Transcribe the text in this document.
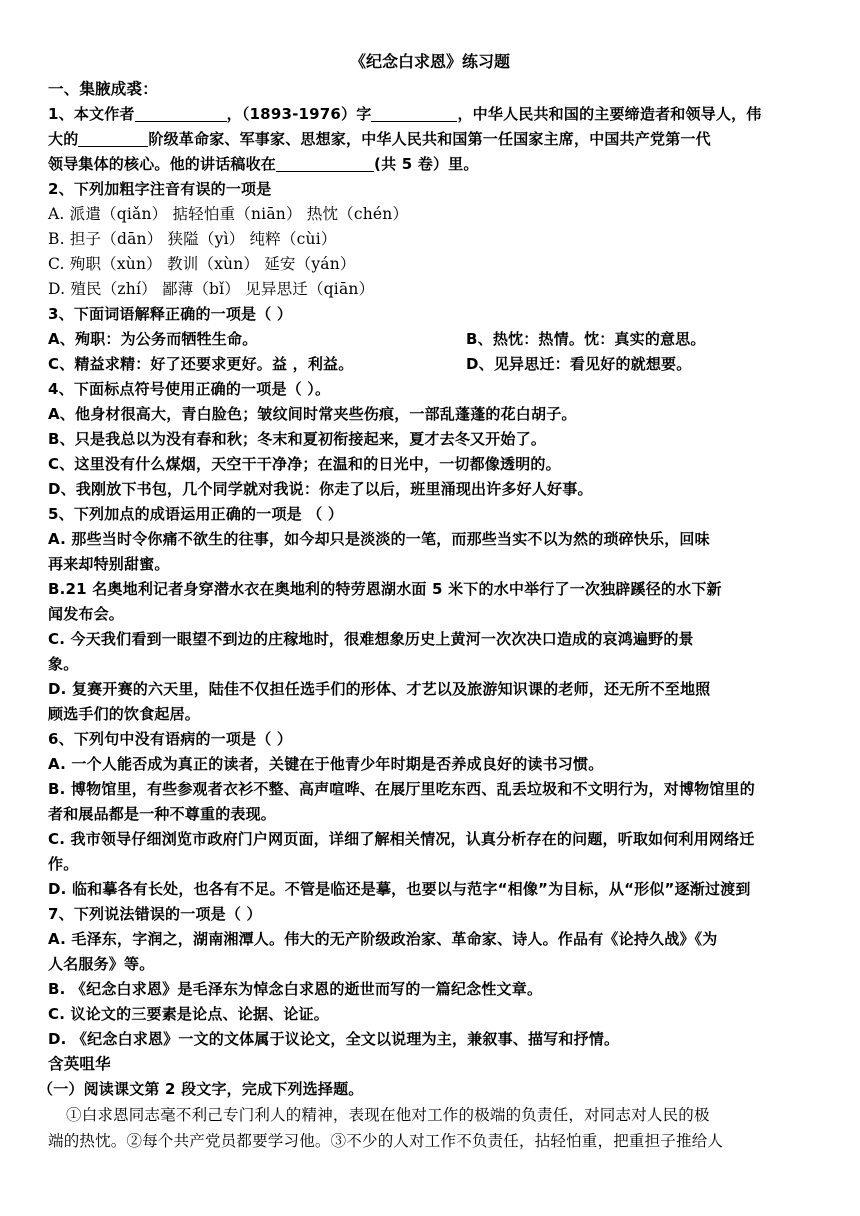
《纪念白求恩》练习题
一、集腋成裘：
1、本文作者	，（1893-1976）字	，中华人民共和国的主要缔造者和领导人，伟
大的	阶级革命家、军事家、思想家，中华人民共和国第一任国家主席，中国共产党第一代
领导集体的核心。他的讲话稿收在	(共 5 卷）里。
2、下列加粗字注音有误的一项是
A. 派遣（qiǎn） 掂轻怕重（niān） 热忱（chén）
B. 担子（dān） 狭隘（yì） 纯粹（cùi）
C. 殉职（xùn） 教训（xùn） 延安（yán）
D. 殖民（zhí） 鄙薄（bǐ） 见异思迁（qiān）
3、下面词语解释正确的一项是（ ）
A、殉职：为公务而牺牲生命。	B、热忱：热情。忱：真实的意思。
C、精益求精：好了还要求更好。益 ，利益。	D、见异思迁：看见好的就想要。
4、下面标点符号使用正确的一项是（ ）。
A、他身材很高大，青白脸色；皱纹间时常夹些伤痕，一部乱蓬蓬的花白胡子。
B、只是我总以为没有春和秋；冬末和夏初衔接起来，夏才去冬又开始了。
C、这里没有什么煤烟，天空干干净净；在温和的日光中，一切都像透明的。
D、我刚放下书包，几个同学就对我说：你走了以后，班里涌现出许多好人好事。
5、下列加点的成语运用正确的一项是 （ ）
A. 那些当时令你痛不欲生的往事，如今却只是淡淡的一笔，而那些当实不以为然的琐碎快乐，回味
再来却特别甜蜜。
B.21 名奥地利记者身穿潜水衣在奥地利的特劳恩湖水面 5 米下的水中举行了一次独辟蹊径的水下新
闻发布会。
C. 今天我们看到一眼望不到边的庄稼地时，很难想象历史上黄河一次次决口造成的哀鸿遍野的景
象。
D. 复赛开赛的六天里，陆佳不仅担任选手们的形体、才艺以及旅游知识课的老师，还无所不至地照
顾选手们的饮食起居。
6、下列句中没有语病的一项是（ ）
A. 一个人能否成为真正的读者，关键在于他青少年时期是否养成良好的读书习惯。
B. 博物馆里，有些参观者衣衫不整、高声喧哗、在展厅里吃东西、乱丢垃圾和不文明行为，对博物馆里的
者和展品都是一种不尊重的表现。
C. 我市领导仔细浏览市政府门户网页面，详细了解相关情况，认真分析存在的问题，听取如何利用网络迁
作。
D. 临和摹各有长处，也各有不足。不管是临还是摹，也要以与范字“相像”为目标，从“形似”逐渐过渡到
7、下列说法错误的一项是（ ）
A. 毛泽东，字润之，湖南湘潭人。伟大的无产阶级政治家、革命家、诗人。作品有《论持久战》《为
人名服务》等。
B. 《纪念白求恩》是毛泽东为悼念白求恩的逝世而写的一篇纪念性文章。
C. 议论文的三要素是论点、论据、论证。
D. 《纪念白求恩》一文的文体属于议论文，全文以说理为主，兼叙事、描写和抒情。
含英咀华
（一）阅读课文第 2 段文字，完成下列选择题。
①白求恩同志毫不利己专门利人的精神，表现在他对工作的极端的负责任，对同志对人民的极
端的热忱。②每个共产党员都要学习他。③不少的人对工作不负责任，拈轻怕重，把重担子推给人
